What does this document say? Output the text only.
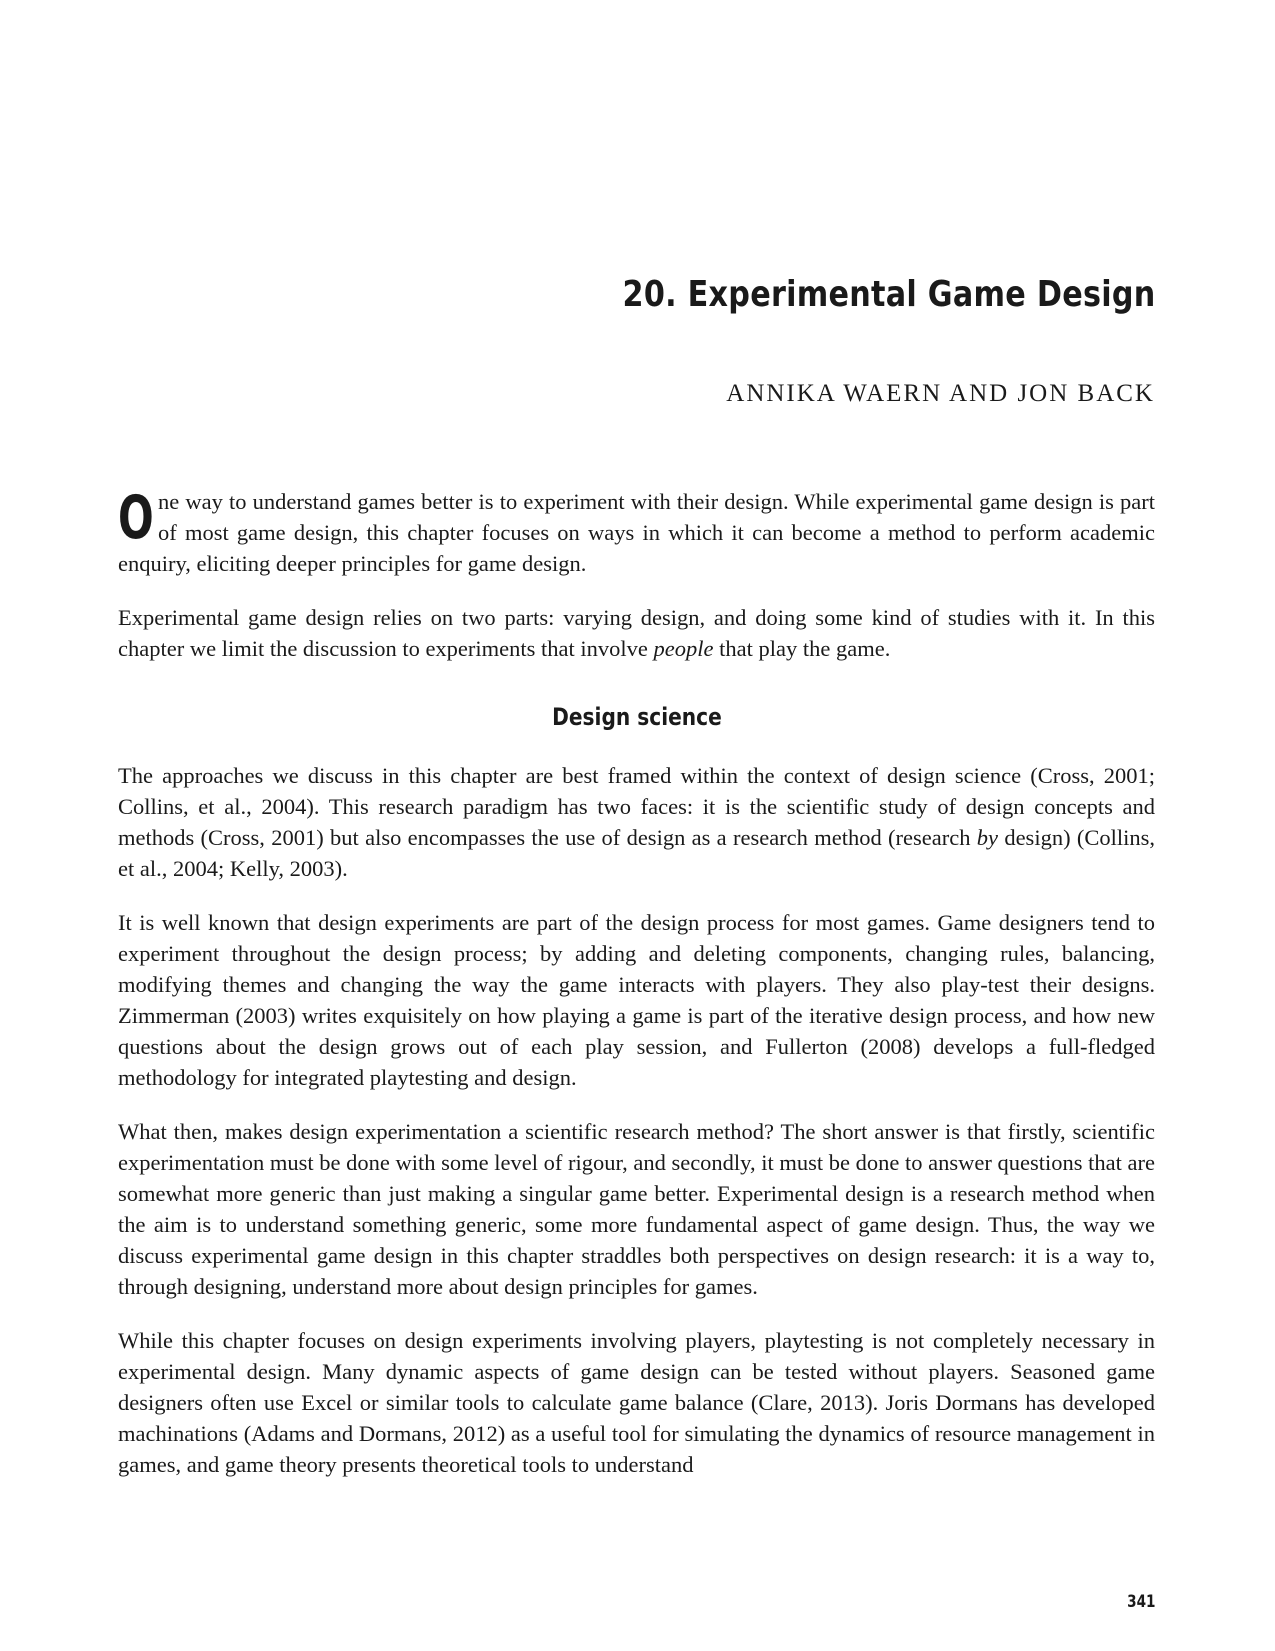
20. Experimental Game Design
ANNIKA WAERN AND JON BACK

One way to understand games better is to experiment with their design. While experimental game design is part of most game design, this chapter focuses on ways in which it can become a method to perform academic enquiry, eliciting deeper principles for game design.

Experimental game design relies on two parts: varying design, and doing some kind of studies with it. In this chapter we limit the discussion to experiments that involve people that play the game.

Design science

The approaches we discuss in this chapter are best framed within the context of design science (Cross, 2001; Collins, et al., 2004). This research paradigm has two faces: it is the scientific study of design concepts and methods (Cross, 2001) but also encompasses the use of design as a research method (research by design) (Collins, et al., 2004; Kelly, 2003).

It is well known that design experiments are part of the design process for most games. Game designers tend to experiment throughout the design process; by adding and deleting components, changing rules, balancing, modifying themes and changing the way the game interacts with players. They also play-test their designs. Zimmerman (2003) writes exquisitely on how playing a game is part of the iterative design process, and how new questions about the design grows out of each play session, and Fullerton (2008) develops a full-fledged methodology for integrated playtesting and design.

What then, makes design experimentation a scientific research method? The short answer is that firstly, scientific experimentation must be done with some level of rigour, and secondly, it must be done to answer questions that are somewhat more generic than just making a singular game better. Experimental design is a research method when the aim is to understand something generic, some more fundamental aspect of game design. Thus, the way we discuss experimental game design in this chapter straddles both perspectives on design research: it is a way to, through designing, understand more about design principles for games.

While this chapter focuses on design experiments involving players, playtesting is not completely necessary in experimental design. Many dynamic aspects of game design can be tested without players. Seasoned game designers often use Excel or similar tools to calculate game balance (Clare, 2013). Joris Dormans has developed machinations (Adams and Dormans, 2012) as a useful tool for simulating the dynamics of resource management in games, and game theory presents theoretical tools to understand

341
